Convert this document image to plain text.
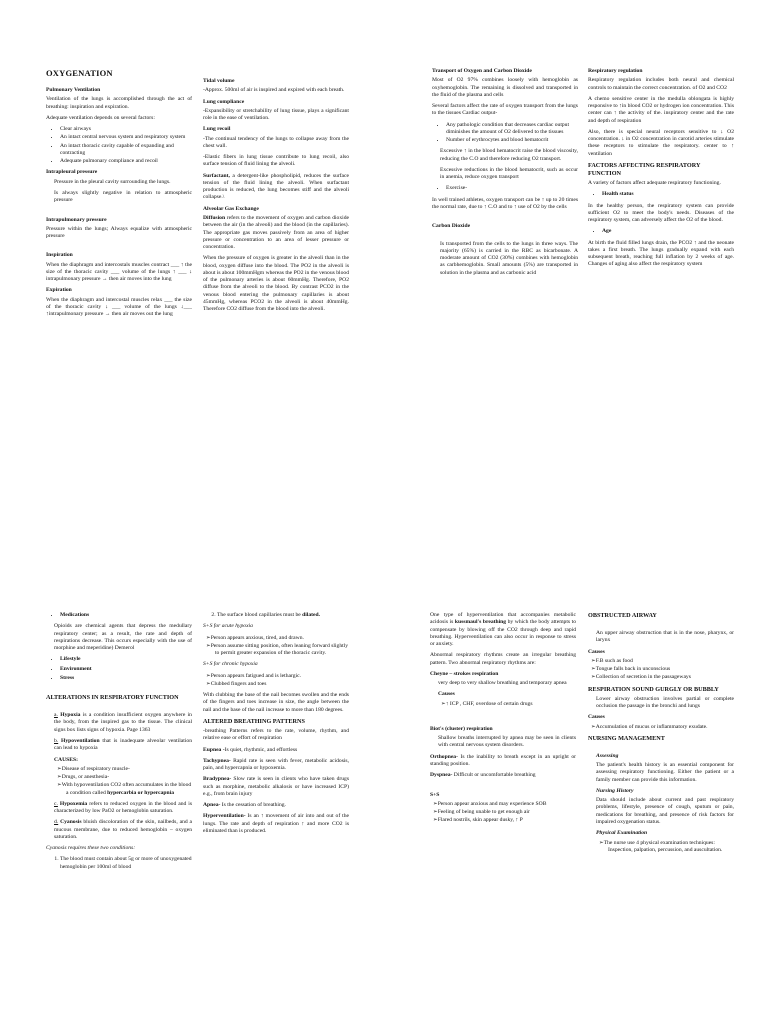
OXYGENATION
Pulmonary Ventilation

Ventilation of the lungs is accomplished through the act of breathing: inspiration and expiration.

Adequate ventilation depends on several factors:

• Clear airways
• An intact central nervous system and respiratory system
• An intact thoracic cavity capable of expanding and contracting
• Adequate pulmonary compliance and recoil
Intrapleural pressure

Pressure in the pleural cavity surrounding the lungs.

Is always slightly negative in relation to atmospheric pressure

Intrapulmonary pressure

Pressure within the lungs; Always equalize with atmospheric pressure

Inspiration

When the diaphragm and intercostals muscles contract ___ ↑ the size of the thoracic cavity ___ volume of the lungs ↑ ___ ↓ intrapulmonary pressure → then air moves into the lung

Expiration

When the diaphragm and intercostal muscles relax ___ the size of the thoracic cavity ↓ ___ volume of the lungs ↓___ ↑intrapulmonary pressure → then air moves out the lung

Tidal volume

-Approx. 500ml of air is inspired and expired with each breath.

Lung compliance

-Expansibility or stretchability of lung tissue, plays a significant role in the ease of ventilation.

Lung recoil

-The continual tendency of the lungs to collapse away from the chest wall.

-Elastic fibers in lung tissue contribute to lung recoil, also surface tension of fluid lining the alveoli.

Surfactant, a detergent-like phospholipid, reduces the surface tension of the fluid lining the alveoli. When surfactant production is reduced, the lung becomes stiff and the alveoli collapse.\

Alveolar Gas Exchange

Diffusion refers to the movement of oxygen and carbon dioxide between the air (in the alveoli) and the blood (in the capillaries). The appropriate gas moves passively from an area of higher pressure or concentration to an area of lesser pressure or concentration.

When the pressure of oxygen is greater in the alveoli than in the blood, oxygen diffuse into the blood. The PO2 in the alveoli is about is about 100mmHgm whereas the PO2 in the venous blood of the pulmonary arteries is about 60mmHg. Therefore, PO2 diffuse from the alveoli to the blood. By contrast PCO2 in the venous blood entering the pulmonary capillaries is about 45mmHg, whereas PCO2 in the alveoli is about 40mmHg. Therefore CO2 diffuse from the blood into the alveoli.

Transport of Oxygen and Carbon Dioxide

Most of O2 97% combines loosely with hemoglobin as oxyhemoglobin. The remaining is dissolved and transported in the fluid of the plasma and cells

Several factors affect the rate of oxygen transport from the lungs to the tissues Cardiac output-

• Any pathologic condition that decreases cardiac output diminishes the amount of O2 delivered to the tissues
• Number of erythrocytes and blood hematocrit

Excessive ↑ in the blood hematocrit raise the blood viscosity, reducing the C.O and therefore reducing O2 transport.

Excessive reductions in the blood hematocrit, such as occur in anemia, reduce oxygen transport

• Exercise-

In well trained athletes, oxygen transport can be ↑ up to 20 times the normal rate, due to ↑ C.O and to ↑ use of O2 by the cells

Carbon Dioxide

Is transported from the cells to the lungs in three ways. The majority (65%) is carried in the RBC as bicarbonate. A moderate amount of CO2 (30%) combines with hemoglobin as carbhemoglobin. Small amounts (5%) are transported in solution in the plasma and as carbonic acid

Respiratory regulation

Respiratory regulation includes both neural and chemical controls to maintain the correct concentration. of O2 and CO2

A chemo sensitive center in the medulla oblongata is highly responsive to ↑in blood CO2 or hydrogen ion concentration. This center can ↑ the activity of the. inspiratory center and the rate and depth of respiration

Also, there is special neural receptors sensitive to ↓ O2 concentration. ↓ in O2 concentration in carotid arteries stimulate these receptors to stimulate the respiratory. center to ↑ ventilation

FACTORS AFFECTING RESPIRATORY FUNCTION

A variety of factors affect adequate respiratory functioning.

• Health status

In the healthy person, the respiratory system can provide sufficient O2 to meet the body's needs. Diseases of the respiratory system, can adversely affect the O2 of the blood.

• Age

At birth the fluid filled lungs drain, the PCO2 ↑ and the neonate takes a first breath. The lungs gradually expand with each subsequent breath, reaching full inflation by 2 weeks of age. Changes of aging also affect the respiratory system

• Medications

Opioids are chemical agents that depress the medullary respiratory center; as a result, the rate and depth of respirations decrease. This occurs especially with the use of morphine and meperidine) Demerol

• Lifestyle
• Environment
• Stress
ALTERATIONS IN RESPIRATORY FUNCTION

a. Hypoxia is a condition insufficient oxygen anywhere in the body, from the inspired gas to the tissue. The clinical signs box lists signs of hypoxia. Page 1363

b. Hypoventilation that is inadequate alveolar ventilation can lead to hypoxia

CAUSES:
➢ Disease of respiratory muscle-
➢ Drugs, or anesthesia-
➢ With hypoventilation CO2 often accumulates in the blood a condition called hypercarbia or hypercapnia

c. Hypoxemia refers to reduced oxygen in the blood and is characterized by low PaO2 or hemoglobin saturation.

d. Cyanosis bluish discoloration of the skin, nailbeds, and a mucous membrane, due to reduced hemoglobin – oxygen saturation.

Cyanosis requires these two conditions:

1. The blood must contain about 5g or more of unoxygenated hemoglobin per 100ml of blood
2. The surface blood capillaries must be dilated.

S+S for acute hypoxia

➢ Person appears anxious, tired, and drawn.
➢ Person assume sitting position, often leaning forward slightly to permit greater expansion of the thoracic cavity.

S+S for chronic hypoxia

➢ Person appears fatigued and is lethargic.
➢ Clubbed fingers and toes

With clubbing the base of the nail becomes swollen and the ends of the fingers and toes increase in size, the angle between the nail and the base of the nail increase to more than 180 degrees.

ALTERED BREATHING PATTERNS

-breathing Patterns refers to the rate, volume, rhythm, and relative ease or effort of respiration

Eupnea -Is quiet, rhythmic, and effortless

Tachypnea- Rapid rate is seen with fever, metabolic acidosis, pain, and hypercapnia or hypoxemia.

Bradypnea- Slow rate is seen in clients who have taken drugs such as morphine, metabolic alkalosis or have increased ICP) e.g., from brain injury

Apnea- Is the cessation of breathing.

Hyperventilation- Is an ↑ movement of air into and out of the lungs. The rate and depth of respiration ↑ and more CO2 is eliminated than is produced.

One type of hyperventilation that accompanies metabolic acidosis is kussmaul's breathing by which the body attempts to compensate by blowing off the CO2 through deep and rapid breathing. Hyperventilation can also occur in response to stress or anxiety.

Abnormal respiratory rhythms create an irregular breathing pattern. Two abnormal respiratory rhythms are:

Cheyne – strokes respiration

very deep to very shallow breathing and temporary apnea

Causes
➢ ↑ ICP , CHF, overdose of certain drugs
Biot's (cluster) respiration

Shallow breaths interrupted by apnea may be seen in clients with central nervous system disorders.

Orthopnea- Is the inability to breath except in an upright or standing position.

Dyspnea- Difficult or uncomfortable breathing

S+S
➢ Person appear anxious and may experience SOB
➢ Feeling of being unable to get enough air
➢ Flared nostrils, skin appear dusky, ↑ P
OBSTRUCTED AIRWAY

An upper airway obstruction that is in the nose, pharynx, or larynx

Causes
➢ F.B such as food
➢ Tongue falls back in unconscious
➢ Collection of secretion in the passageways
RESPIRATION SOUND GURGLY OR BUBBLY

Lower airway obstruction involves partial or complete occlusion the passage in the bronchi and lungs

Causes
➢ Accumulation of mucus or inflammatory exudate.
NURSING MANAGEMENT
Assessing

The patient's health history is an essential component for assessing respiratory functioning. Either the patient or a family member can provide this information.

Nursing History

Data should include about current and past respiratory problems, lifestyle, presence of cough, sputum or pain, medications for breathing, and presence of risk factors for impaired oxygenation status.

Physical Examination
➢ The nurse use 4 physical examination techniques: Inspection, palpation, percussion, and auscultation.
